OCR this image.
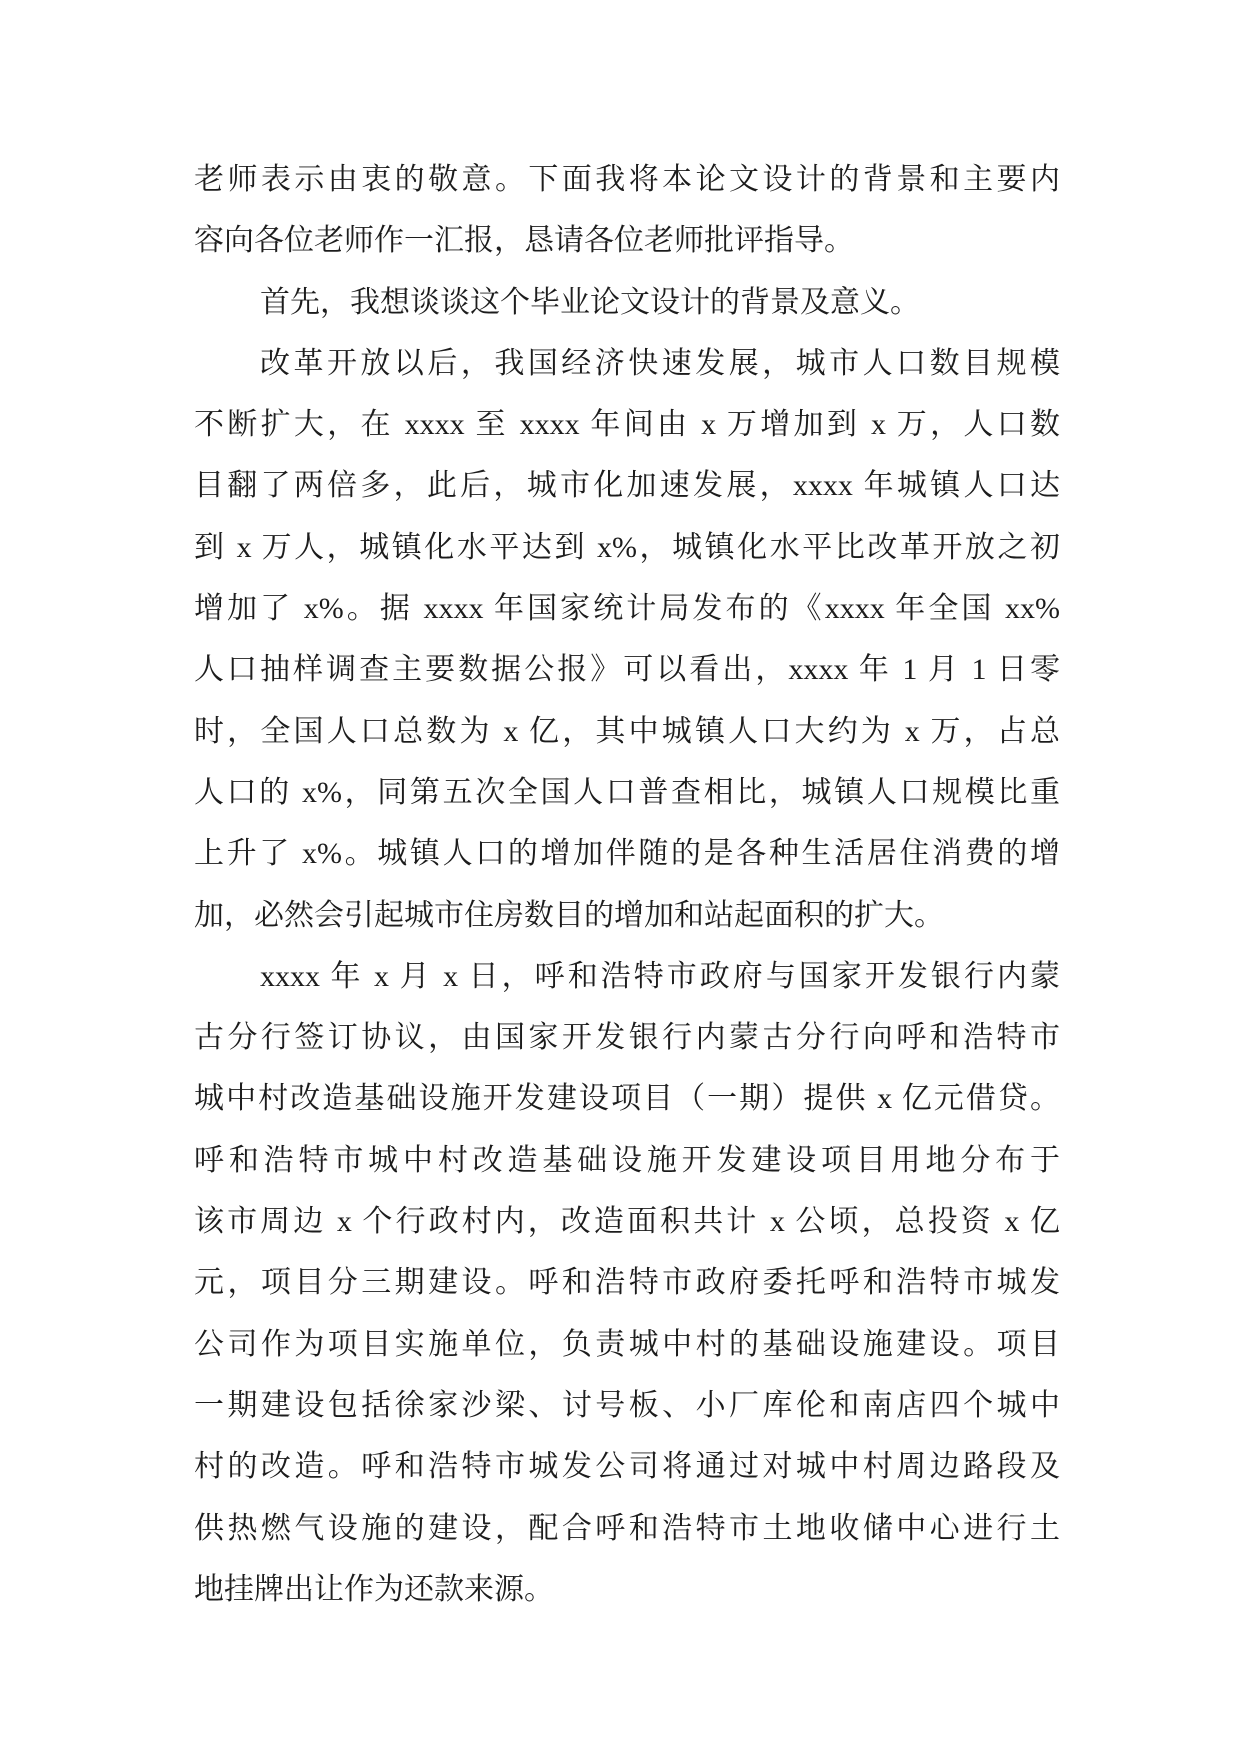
老师表示由衷的敬意。下面我将本论文设计的背景和主要内
容向各位老师作一汇报，恳请各位老师批评指导。
首先，我想谈谈这个毕业论文设计的背景及意义。
改革开放以后，我国经济快速发展，城市人口数目规模
不断扩大，在 xxxx 至 xxxx 年间由 x 万增加到 x 万，人口数
目翻了两倍多，此后，城市化加速发展，xxxx 年城镇人口达
到 x 万人，城镇化水平达到 x%，城镇化水平比改革开放之初
增加了 x%。据 xxxx 年国家统计局发布的《xxxx 年全国 xx%
人口抽样调查主要数据公报》可以看出，xxxx 年 1 月 1 日零
时，全国人口总数为 x 亿，其中城镇人口大约为 x 万，占总
人口的 x%，同第五次全国人口普查相比，城镇人口规模比重
上升了 x%。城镇人口的增加伴随的是各种生活居住消费的增
加，必然会引起城市住房数目的增加和站起面积的扩大。
xxxx 年 x 月 x 日，呼和浩特市政府与国家开发银行内蒙
古分行签订协议，由国家开发银行内蒙古分行向呼和浩特市
城中村改造基础设施开发建设项目（一期）提供 x 亿元借贷。
呼和浩特市城中村改造基础设施开发建设项目用地分布于
该市周边 x 个行政村内，改造面积共计 x 公顷，总投资 x 亿
元，项目分三期建设。呼和浩特市政府委托呼和浩特市城发
公司作为项目实施单位，负责城中村的基础设施建设。项目
一期建设包括徐家沙梁、讨号板、小厂库伦和南店四个城中
村的改造。呼和浩特市城发公司将通过对城中村周边路段及
供热燃气设施的建设，配合呼和浩特市土地收储中心进行土
地挂牌出让作为还款来源。
